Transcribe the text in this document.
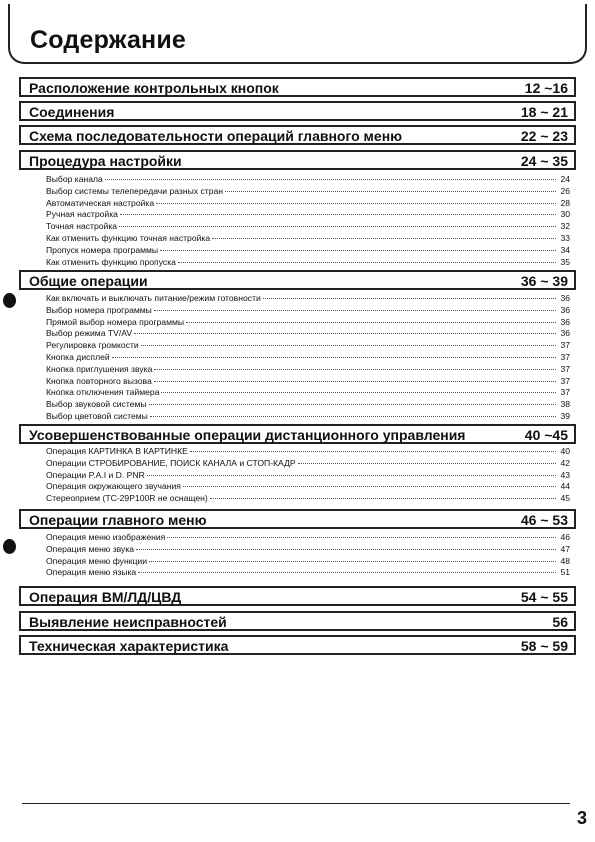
Содержание
Расположение контрольных кнопок	12 ~16
Соединения	18 ~ 21
Схема последовательности операций главного меню	22 ~ 23
Процедура настройки	24 ~ 35
Выбор канала	24
Выбор системы телепередачи разных стран	26
Автоматическая настройка	28
Ручная настройка	30
Точная настройка	32
Как отменить функцию точная настройка	33
Пропуск номера программы	34
Как отменить функцию пропуска	35
Общие операции	36 ~ 39
Как включать и выключать питание/режим готовности	36
Выбор номера программы	36
Прямой выбор номера программы	36
Выбор режима TV/AV	36
Регулировка громкости	37
Кнопка дисплей	37
Кнопка приглушения звука	37
Кнопка повторного вызова	37
Кнопка отключения таймера	37
Выбор звуковой системы	38
Выбор цветовой системы	39
Усовершенствованные операции дистанционного управления	40 ~45
Операция КАРТИНКА В КАРТИНКЕ	40
Операции СТРОБИРОВАНИЕ, ПОИСК КАНАЛА и СТОП-КАДР	42
Операции P.A.I и D. PNR	43
Операция окружающего звучания	44
Стереоприем (ТС-29Р100R не оснащен)	45
Операции главного меню	46 ~ 53
Операция меню изображения	46
Операция меню звука	47
Операция меню функции	48
Операция меню языка	51
Операция ВМ/ЛД/ЦВД	54 ~ 55
Выявление неисправностей	56
Техническая характеристика	58 ~ 59
3
